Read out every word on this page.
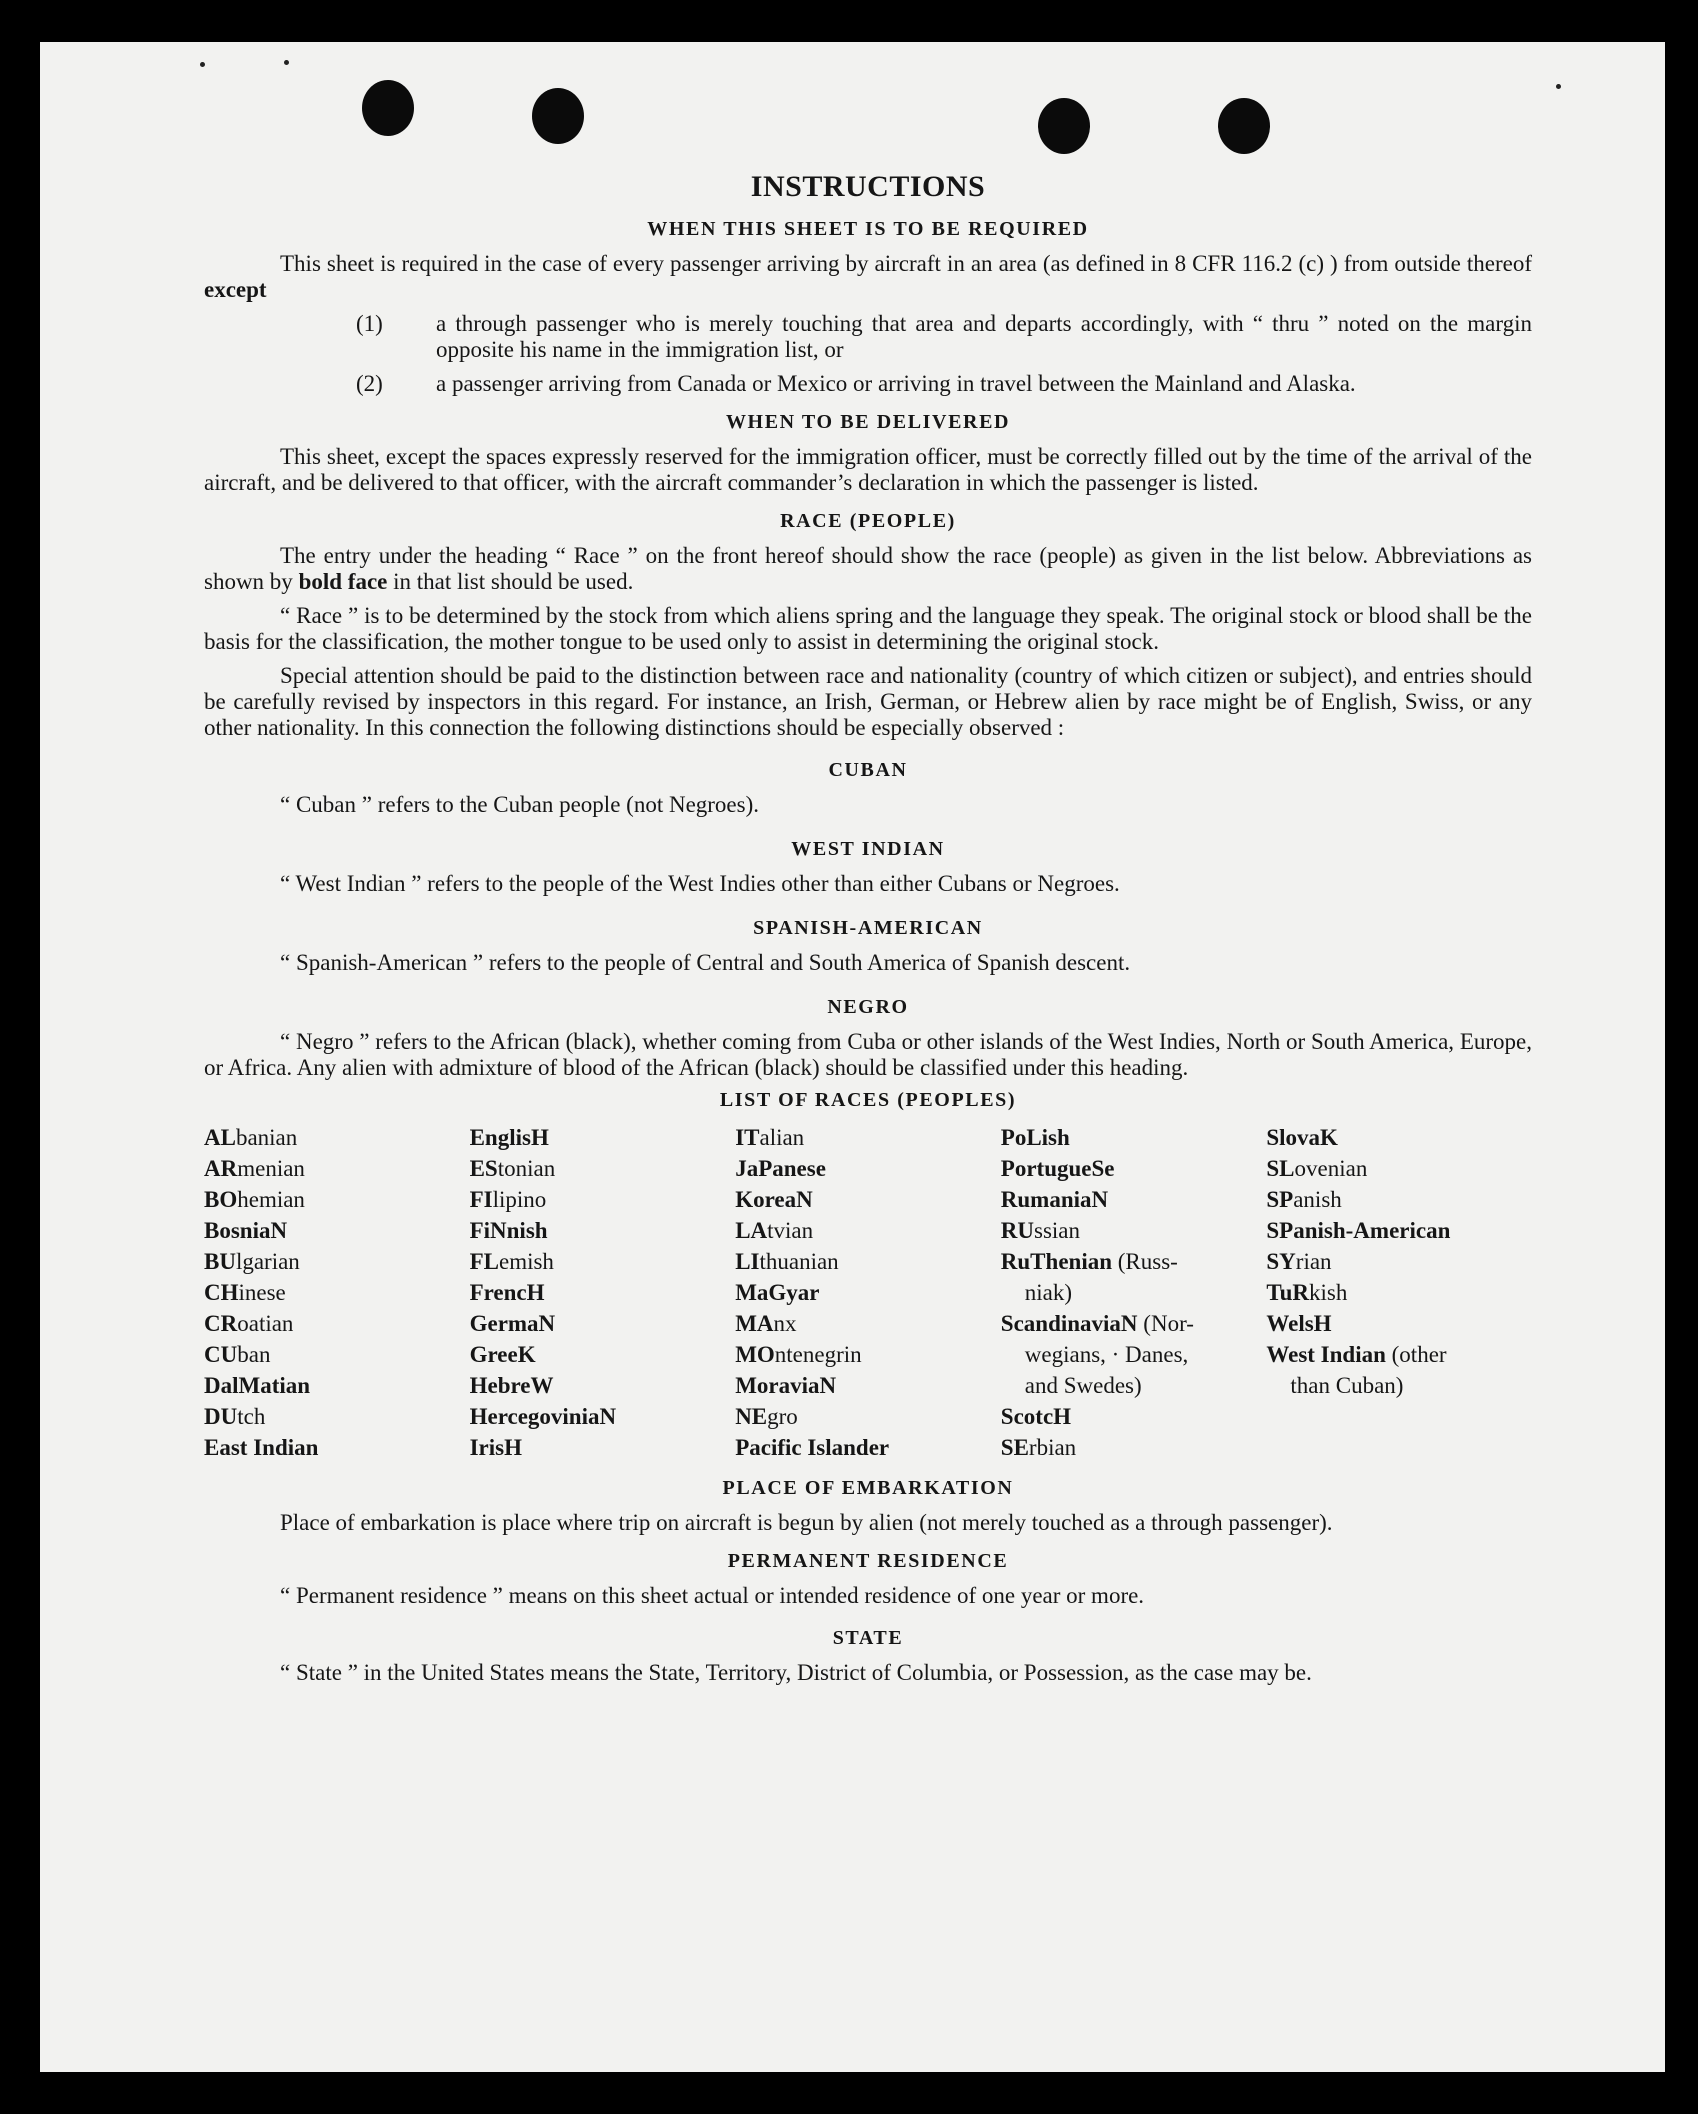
INSTRUCTIONS
WHEN THIS SHEET IS TO BE REQUIRED

This sheet is required in the case of every passenger arriving by aircraft in an area (as defined in 8 CFR 116.2 (c) ) from outside thereof except

(1) a through passenger who is merely touching that area and departs accordingly, with “ thru ” noted on the margin opposite his name in the immigration list, or
(2) a passenger arriving from Canada or Mexico or arriving in travel between the Mainland and Alaska.
WHEN TO BE DELIVERED

This sheet, except the spaces expressly reserved for the immigration officer, must be correctly filled out by the time of the arrival of the aircraft, and be delivered to that officer, with the aircraft commander’s declaration in which the passenger is listed.

RACE (PEOPLE)

The entry under the heading “ Race ” on the front hereof should show the race (people) as given in the list below. Abbreviations as shown by bold face in that list should be used.

“ Race ” is to be determined by the stock from which aliens spring and the language they speak. The original stock or blood shall be the basis for the classification, the mother tongue to be used only to assist in determining the original stock.

Special attention should be paid to the distinction between race and nationality (country of which citizen or subject), and entries should be carefully revised by inspectors in this regard. For instance, an Irish, German, or Hebrew alien by race might be of English, Swiss, or any other nationality. In this connection the following distinctions should be especially observed :

CUBAN

“ Cuban ” refers to the Cuban people (not Negroes).

WEST INDIAN

“ West Indian ” refers to the people of the West Indies other than either Cubans or Negroes.

SPANISH-AMERICAN

“ Spanish-American ” refers to the people of Central and South America of Spanish descent.

NEGRO

“ Negro ” refers to the African (black), whether coming from Cuba or other islands of the West Indies, North or South America, Europe, or Africa. Any alien with admixture of blood of the African (black) should be classified under this heading.

LIST OF RACES (PEOPLES)
ALbanian
ARmenian
BOhemian
BosniaN
BUlgarian
CHinese
CRoatian
CUban
DalMatian
DUtch
East Indian
EnglisH
EStonian
FIlipino
FiNnish
FLemish
FrencH
GermaN
GreeK
HebreW
HercegoviniaN
IrisH
ITalian
JaPanese
KoreaN
LAtvian
LIthuanian
MaGyar
MAnx
MOntenegrin
MoraviaN
NEgro
Pacific Islander
PoLish
PortugueSe
RumaniaN
RUssian
RuThenian (Russ-
niak)
ScandinaviaN (Nor-
wegians, · Danes,
and Swedes)
ScotcH
SErbian
SlovaK
SLovenian
SPanish
SPanish-American
SYrian
TuRkish
WelsH
West Indian (other
than Cuban)
PLACE OF EMBARKATION

Place of embarkation is place where trip on aircraft is begun by alien (not merely touched as a through passenger).

PERMANENT RESIDENCE

“ Permanent residence ” means on this sheet actual or intended residence of one year or more.

STATE

“ State ” in the United States means the State, Territory, District of Columbia, or Possession, as the case may be.
